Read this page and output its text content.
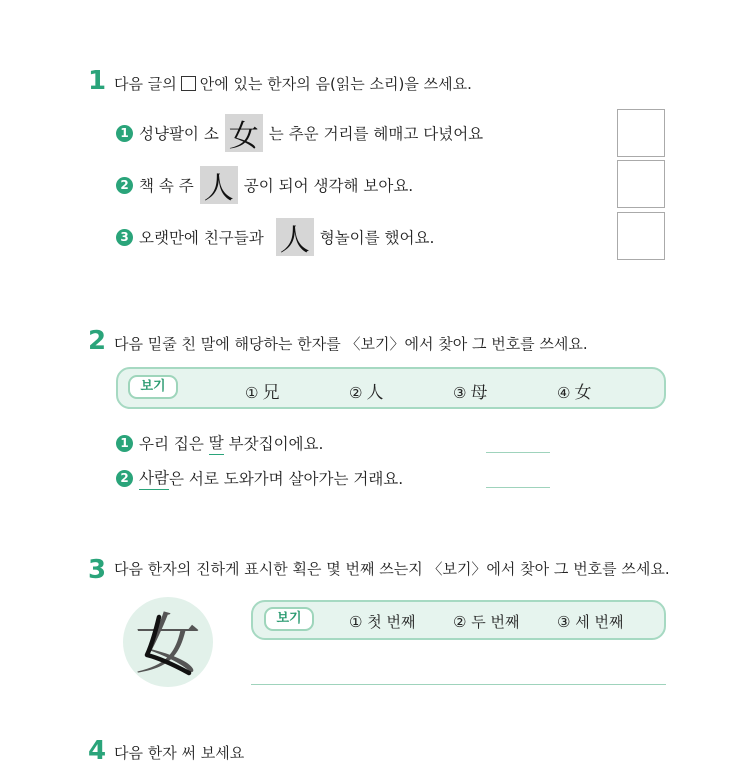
1 다음 글의 안에 있는 한자의 음(읽는 소리)을 쓰세요.
1 성냥팔이 소 女 는 추운 거리를 헤매고 다녔어요
2 책 속 주 人 공이 되어 생각해 보아요.
3 오랫만에 친구들과 人 형놀이를 했어요.
2 다음 밑줄 친 말에 해당하는 한자를 〈보기〉에서 찾아 그 번호를 쓰세요.
보기	① 兄	② 人	③ 母	④ 女
1 우리 집은 딸 부잣집이에요.
2 사람 은 서로 도와가며 살아가는 거래요.
3 다음 한자의 진하게 표시한 획은 몇 번째 쓰는지 〈보기〉에서 찾아 그 번호를 쓰세요.
女	보기	① 첫 번째	② 두 번째	③ 세 번째
4 다음 한자 써 보세요
